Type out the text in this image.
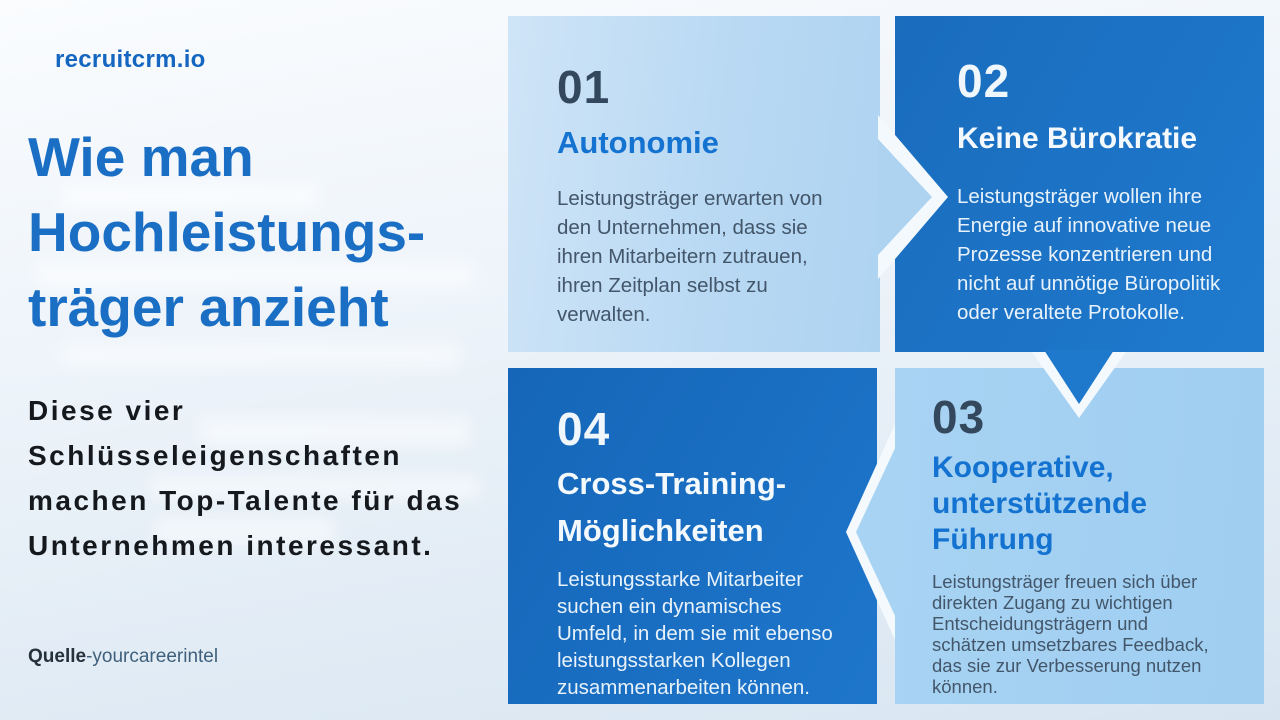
recruitcrm.io
Wie man
Hochleistungs-
träger anzieht

Diese vier
Schlüsseleigenschaften
machen Top-Talente für das
Unternehmen interessant.

Quelle-yourcareerintel

01
Autonomie
Leistungsträger erwarten von
den Unternehmen, dass sie
ihren Mitarbeitern zutrauen,
ihren Zeitplan selbst zu
verwalten.
02
Keine Bürokratie
Leistungsträger wollen ihre
Energie auf innovative neue
Prozesse konzentrieren und
nicht auf unnötige Büropolitik
oder veraltete Protokolle.
03
Kooperative,
unterstützende
Führung
Leistungsträger freuen sich über
direkten Zugang zu wichtigen
Entscheidungsträgern und
schätzen umsetzbares Feedback,
das sie zur Verbesserung nutzen
können.
04
Cross-Training-
Möglichkeiten
Leistungsstarke Mitarbeiter
suchen ein dynamisches
Umfeld, in dem sie mit ebenso
leistungsstarken Kollegen
zusammenarbeiten können.
